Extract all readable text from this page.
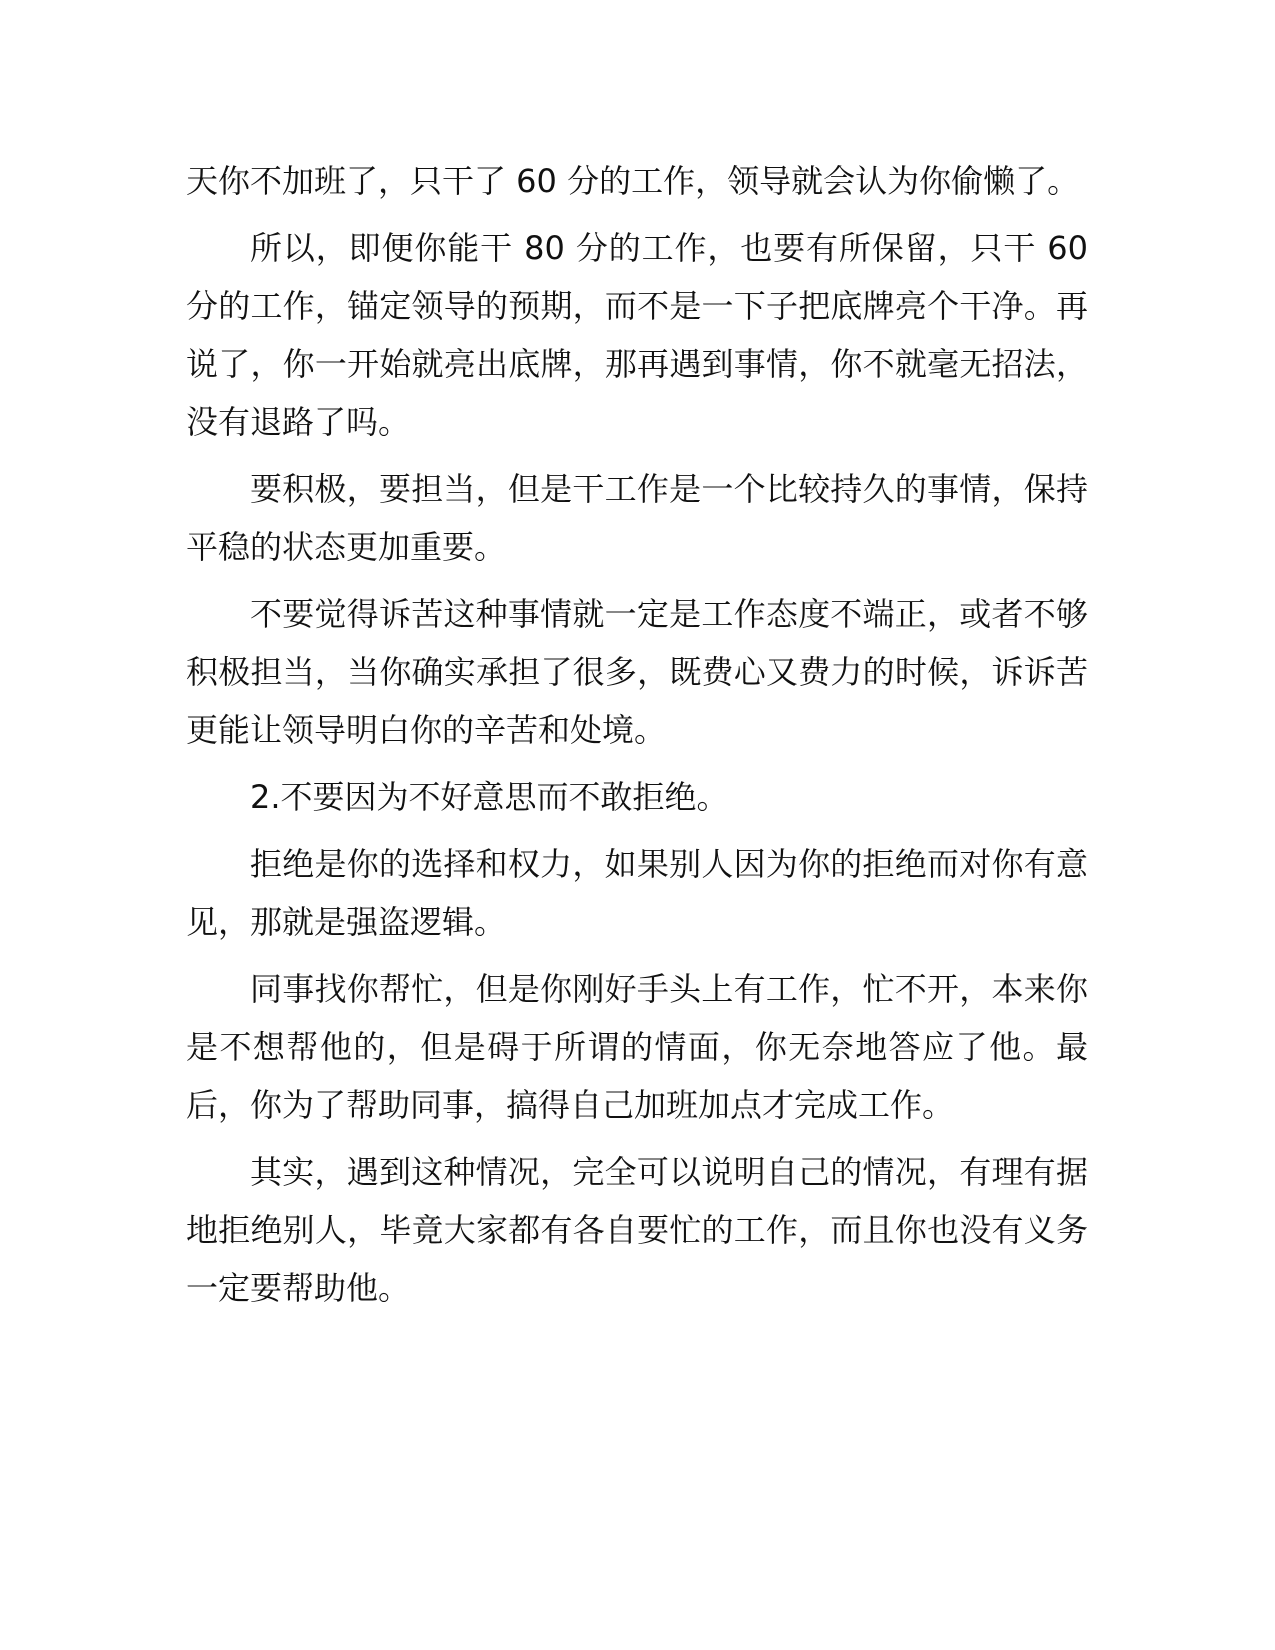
天你不加班了，只干了 60 分的工作，领导就会认为你偷懒了。

所以，即便你能干 80 分的工作，也要有所保留，只干 60 分的工作，锚定领导的预期，而不是一下子把底牌亮个干净。再说了，你一开始就亮出底牌，那再遇到事情，你不就毫无招法，没有退路了吗。

要积极，要担当，但是干工作是一个比较持久的事情，保持平稳的状态更加重要。

不要觉得诉苦这种事情就一定是工作态度不端正，或者不够积极担当，当你确实承担了很多，既费心又费力的时候，诉诉苦更能让领导明白你的辛苦和处境。

2.不要因为不好意思而不敢拒绝。

拒绝是你的选择和权力，如果别人因为你的拒绝而对你有意见，那就是强盗逻辑。

同事找你帮忙，但是你刚好手头上有工作，忙不开，本来你是不想帮他的，但是碍于所谓的情面，你无奈地答应了他。最后，你为了帮助同事，搞得自己加班加点才完成工作。

其实，遇到这种情况，完全可以说明自己的情况，有理有据地拒绝别人，毕竟大家都有各自要忙的工作，而且你也没有义务一定要帮助他。
